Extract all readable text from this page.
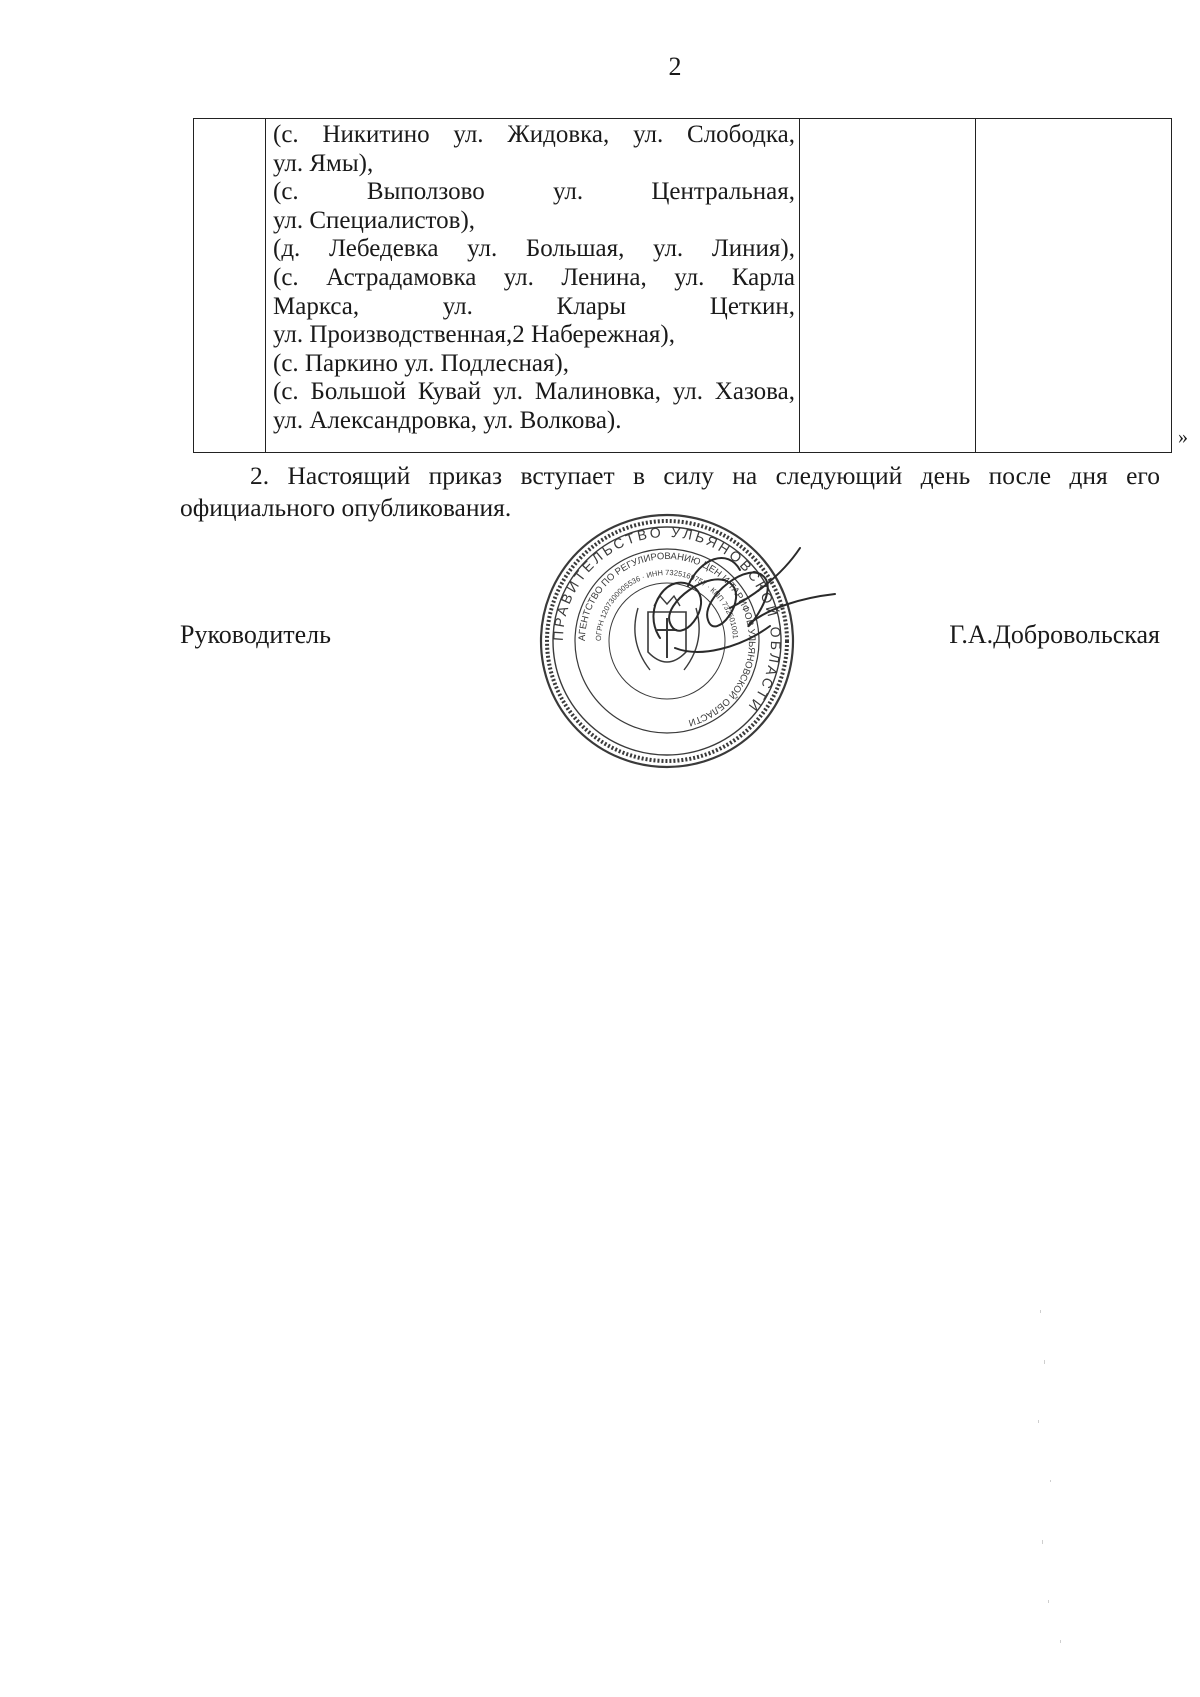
2
(с. Никитино ул. Жидовка, ул. Слободка,
ул. Ямы),
(с. Выползово ул. Центральная,
ул. Специалистов),
(д. Лебедевка ул. Большая, ул. Линия),
(с. Астрадамовка ул. Ленина, ул. Карла
Маркса, ул. Клары Цеткин,
ул. Производственная,2 Набережная),
(с. Паркино ул. Подлесная),
(с. Большой Кувай ул. Малиновка, ул. Хазова,
ул. Александровка, ул. Волкова).
»
2. Настоящий приказ вступает в силу на следующий день после дня его официального опубликования.
Руководитель	Г.А.Добровольская
ПРАВИТЕЛЬСТВО УЛЬЯНОВСКОЙ ОБЛАСТИ
АГЕНТСТВО ПО РЕГУЛИРОВАНИЮ ЦЕН И ТАРИФОВ УЛЬЯНОВСКОЙ ОБЛАСТИ
ОГРН 1207300005536 · ИНН 7325169757 · КПП 732501001
